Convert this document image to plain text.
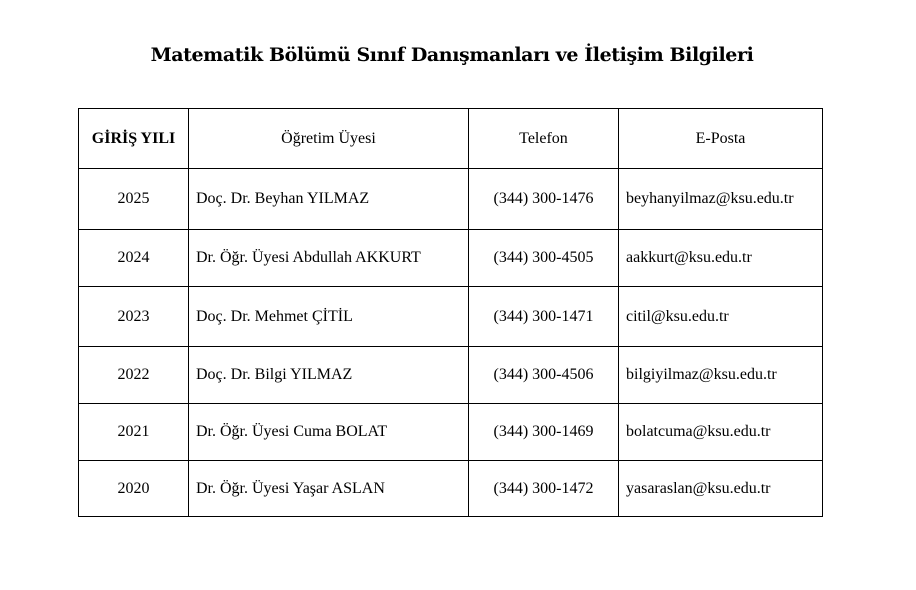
Matematik Bölümü Sınıf Danışmanları ve İletişim Bilgileri
GİRİŞ YILI	Öğretim Üyesi	Telefon	E-Posta
2025	Doç. Dr. Beyhan YILMAZ	(344) 300-1476	beyhanyilmaz@ksu.edu.tr
2024	Dr. Öğr. Üyesi Abdullah AKKURT	(344) 300-4505	aakkurt@ksu.edu.tr
2023	Doç. Dr. Mehmet ÇİTİL	(344) 300-1471	citil@ksu.edu.tr
2022	Doç. Dr. Bilgi YILMAZ	(344) 300-4506	bilgiyilmaz@ksu.edu.tr
2021	Dr. Öğr. Üyesi Cuma BOLAT	(344) 300-1469	bolatcuma@ksu.edu.tr
2020	Dr. Öğr. Üyesi Yaşar ASLAN	(344) 300-1472	yasaraslan@ksu.edu.tr
